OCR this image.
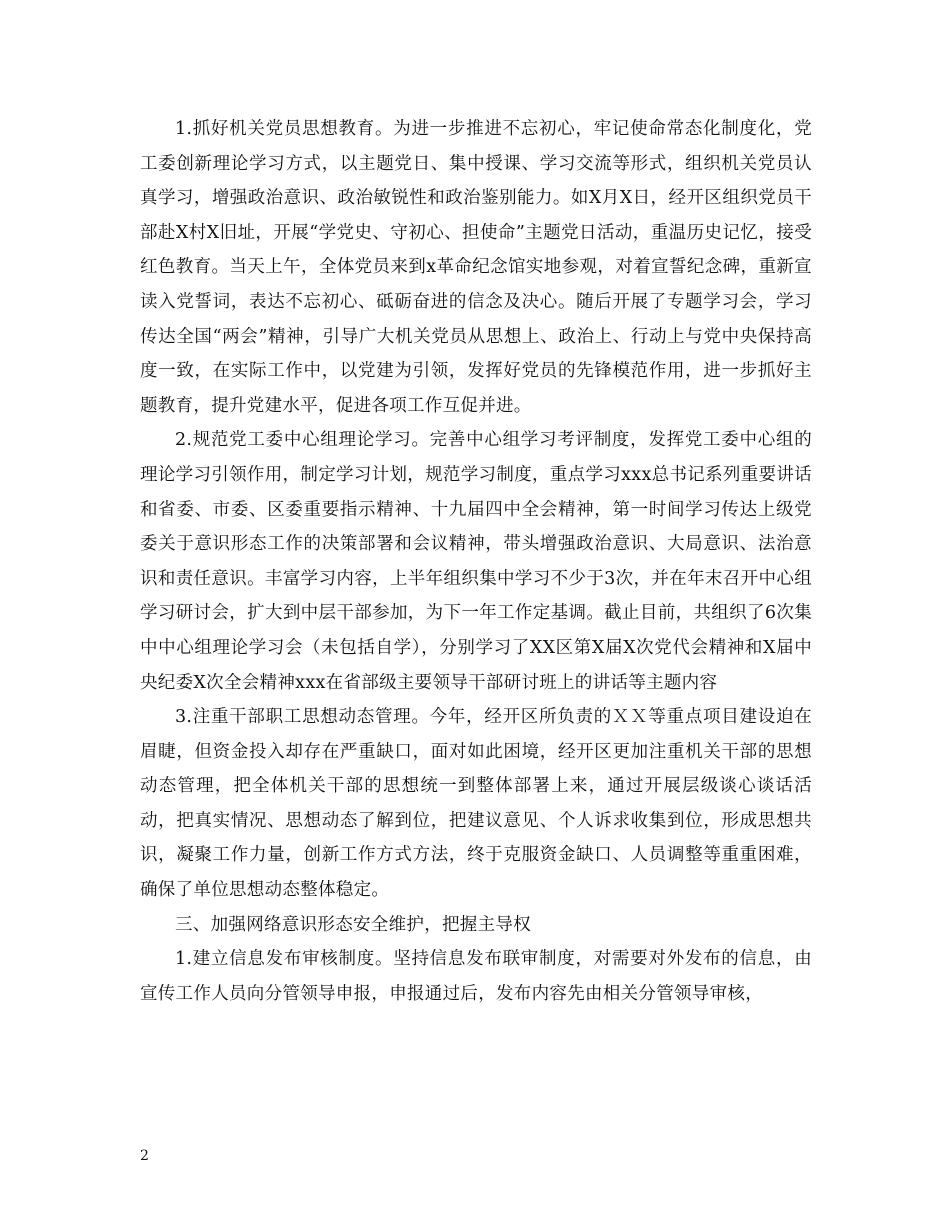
1.抓好机关党员思想教育。为进一步推进不忘初心，牢记使命常态化制度化，党工委创新理论学习方式，以主题党日、集中授课、学习交流等形式，组织机关党员认真学习，增强政治意识、政治敏锐性和政治鉴别能力。如X月X日，经开区组织党员干部赴X村X旧址，开展“学党史、守初心、担使命”主题党日活动，重温历史记忆，接受红色教育。当天上午，全体党员来到x革命纪念馆实地参观，对着宣誓纪念碑，重新宣读入党誓词，表达不忘初心、砥砺奋进的信念及决心。随后开展了专题学习会，学习传达全国“两会”精神，引导广大机关党员从思想上、政治上、行动上与党中央保持高度一致，在实际工作中，以党建为引领，发挥好党员的先锋模范作用，进一步抓好主题教育，提升党建水平，促进各项工作互促并进。

2.规范党工委中心组理论学习。完善中心组学习考评制度，发挥党工委中心组的理论学习引领作用，制定学习计划，规范学习制度，重点学习xxx总书记系列重要讲话和省委、市委、区委重要指示精神、十九届四中全会精神，第一时间学习传达上级党委关于意识形态工作的决策部署和会议精神，带头增强政治意识、大局意识、法治意识和责任意识。丰富学习内容，上半年组织集中学习不少于3次，并在年末召开中心组学习研讨会，扩大到中层干部参加，为下一年工作定基调。截止目前，共组织了6次集中中心组理论学习会（未包括自学），分别学习了XX区第X届X次党代会精神和X届中央纪委X次全会精神xxx在省部级主要领导干部研讨班上的讲话等主题内容

3.注重干部职工思想动态管理。今年，经开区所负责的ＸＸ等重点项目建设迫在眉睫，但资金投入却存在严重缺口，面对如此困境，经开区更加注重机关干部的思想动态管理，把全体机关干部的思想统一到整体部署上来，通过开展层级谈心谈话活动，把真实情况、思想动态了解到位，把建议意见、个人诉求收集到位，形成思想共识，凝聚工作力量，创新工作方式方法，终于克服资金缺口、人员调整等重重困难，确保了单位思想动态整体稳定。

三、加强网络意识形态安全维护，把握主导权

1.建立信息发布审核制度。坚持信息发布联审制度，对需要对外发布的信息，由宣传工作人员向分管领导申报，申报通过后，发布内容先由相关分管领导审核，

2
